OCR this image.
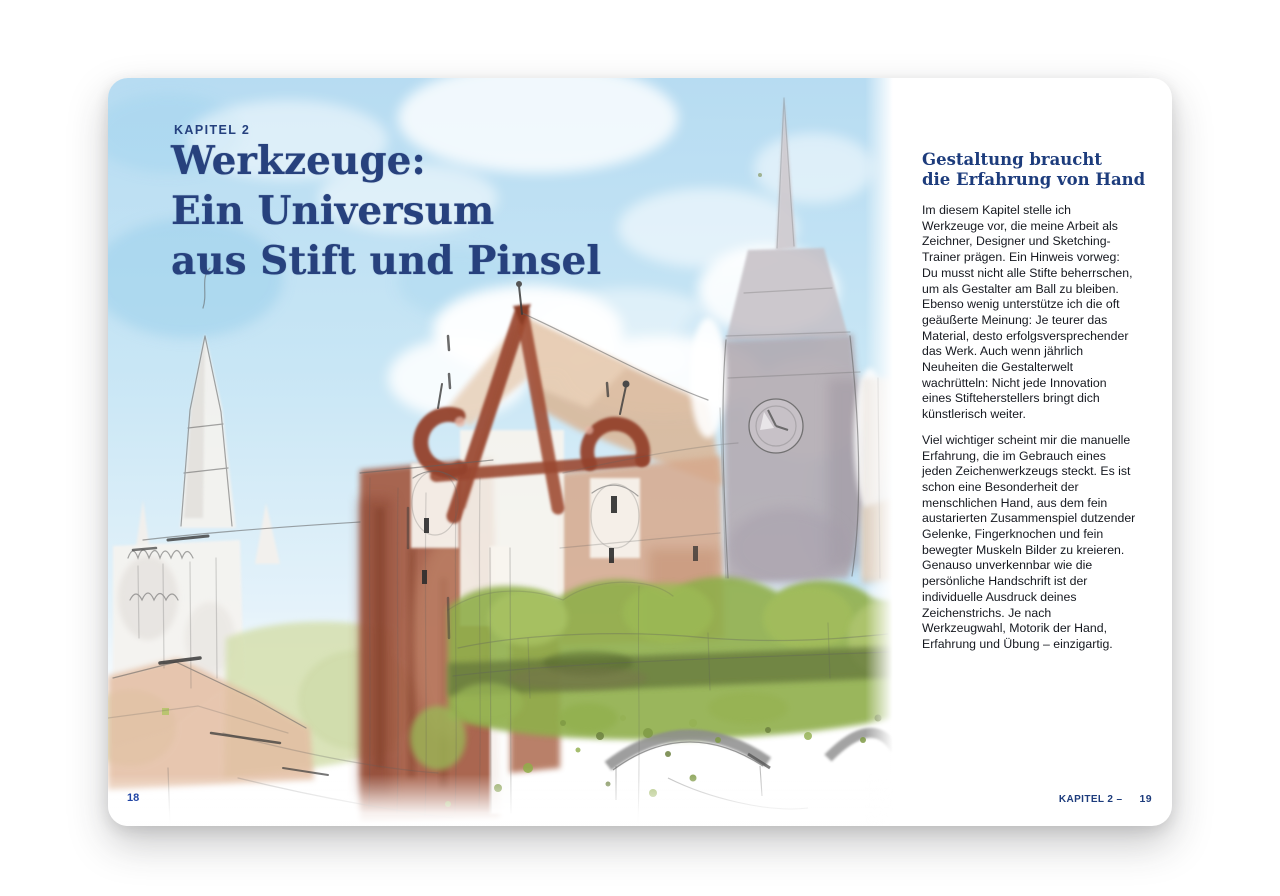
KAPITEL 2
Werkzeuge:
Ein Universum
aus Stift und Pinsel
18
Gestaltung braucht
die Erfahrung von Hand

Im diesem Kapitel stelle ich Werkzeuge vor, die meine Arbeit als Zeichner, Designer und Sketching-Trainer prägen. Ein Hinweis vorweg: Du musst nicht alle Stifte beherrschen, um als Gestalter am Ball zu bleiben. Ebenso wenig unterstütze ich die oft geäußerte Meinung: Je teurer das Material, desto erfolgsversprechender das Werk. Auch wenn jährlich Neuheiten die Gestalterwelt wachrütteln: Nicht jede Innovation eines Stifteherstellers bringt dich künstlerisch weiter.

Viel wichtiger scheint mir die manuelle Erfahrung, die im Gebrauch eines jeden Zeichenwerkzeugs steckt. Es ist schon eine Besonderheit der menschlichen Hand, aus dem fein austarierten Zusammenspiel dutzender Gelenke, Fingerknochen und fein bewegter Muskeln Bilder zu kreieren. Genauso unverkennbar wie die persönliche Handschrift ist der individuelle Ausdruck deines Zeichenstrichs. Je nach Werkzeugwahl, Motorik der Hand, Erfahrung und Übung – einzigartig.

KAPITEL 2 – 19
